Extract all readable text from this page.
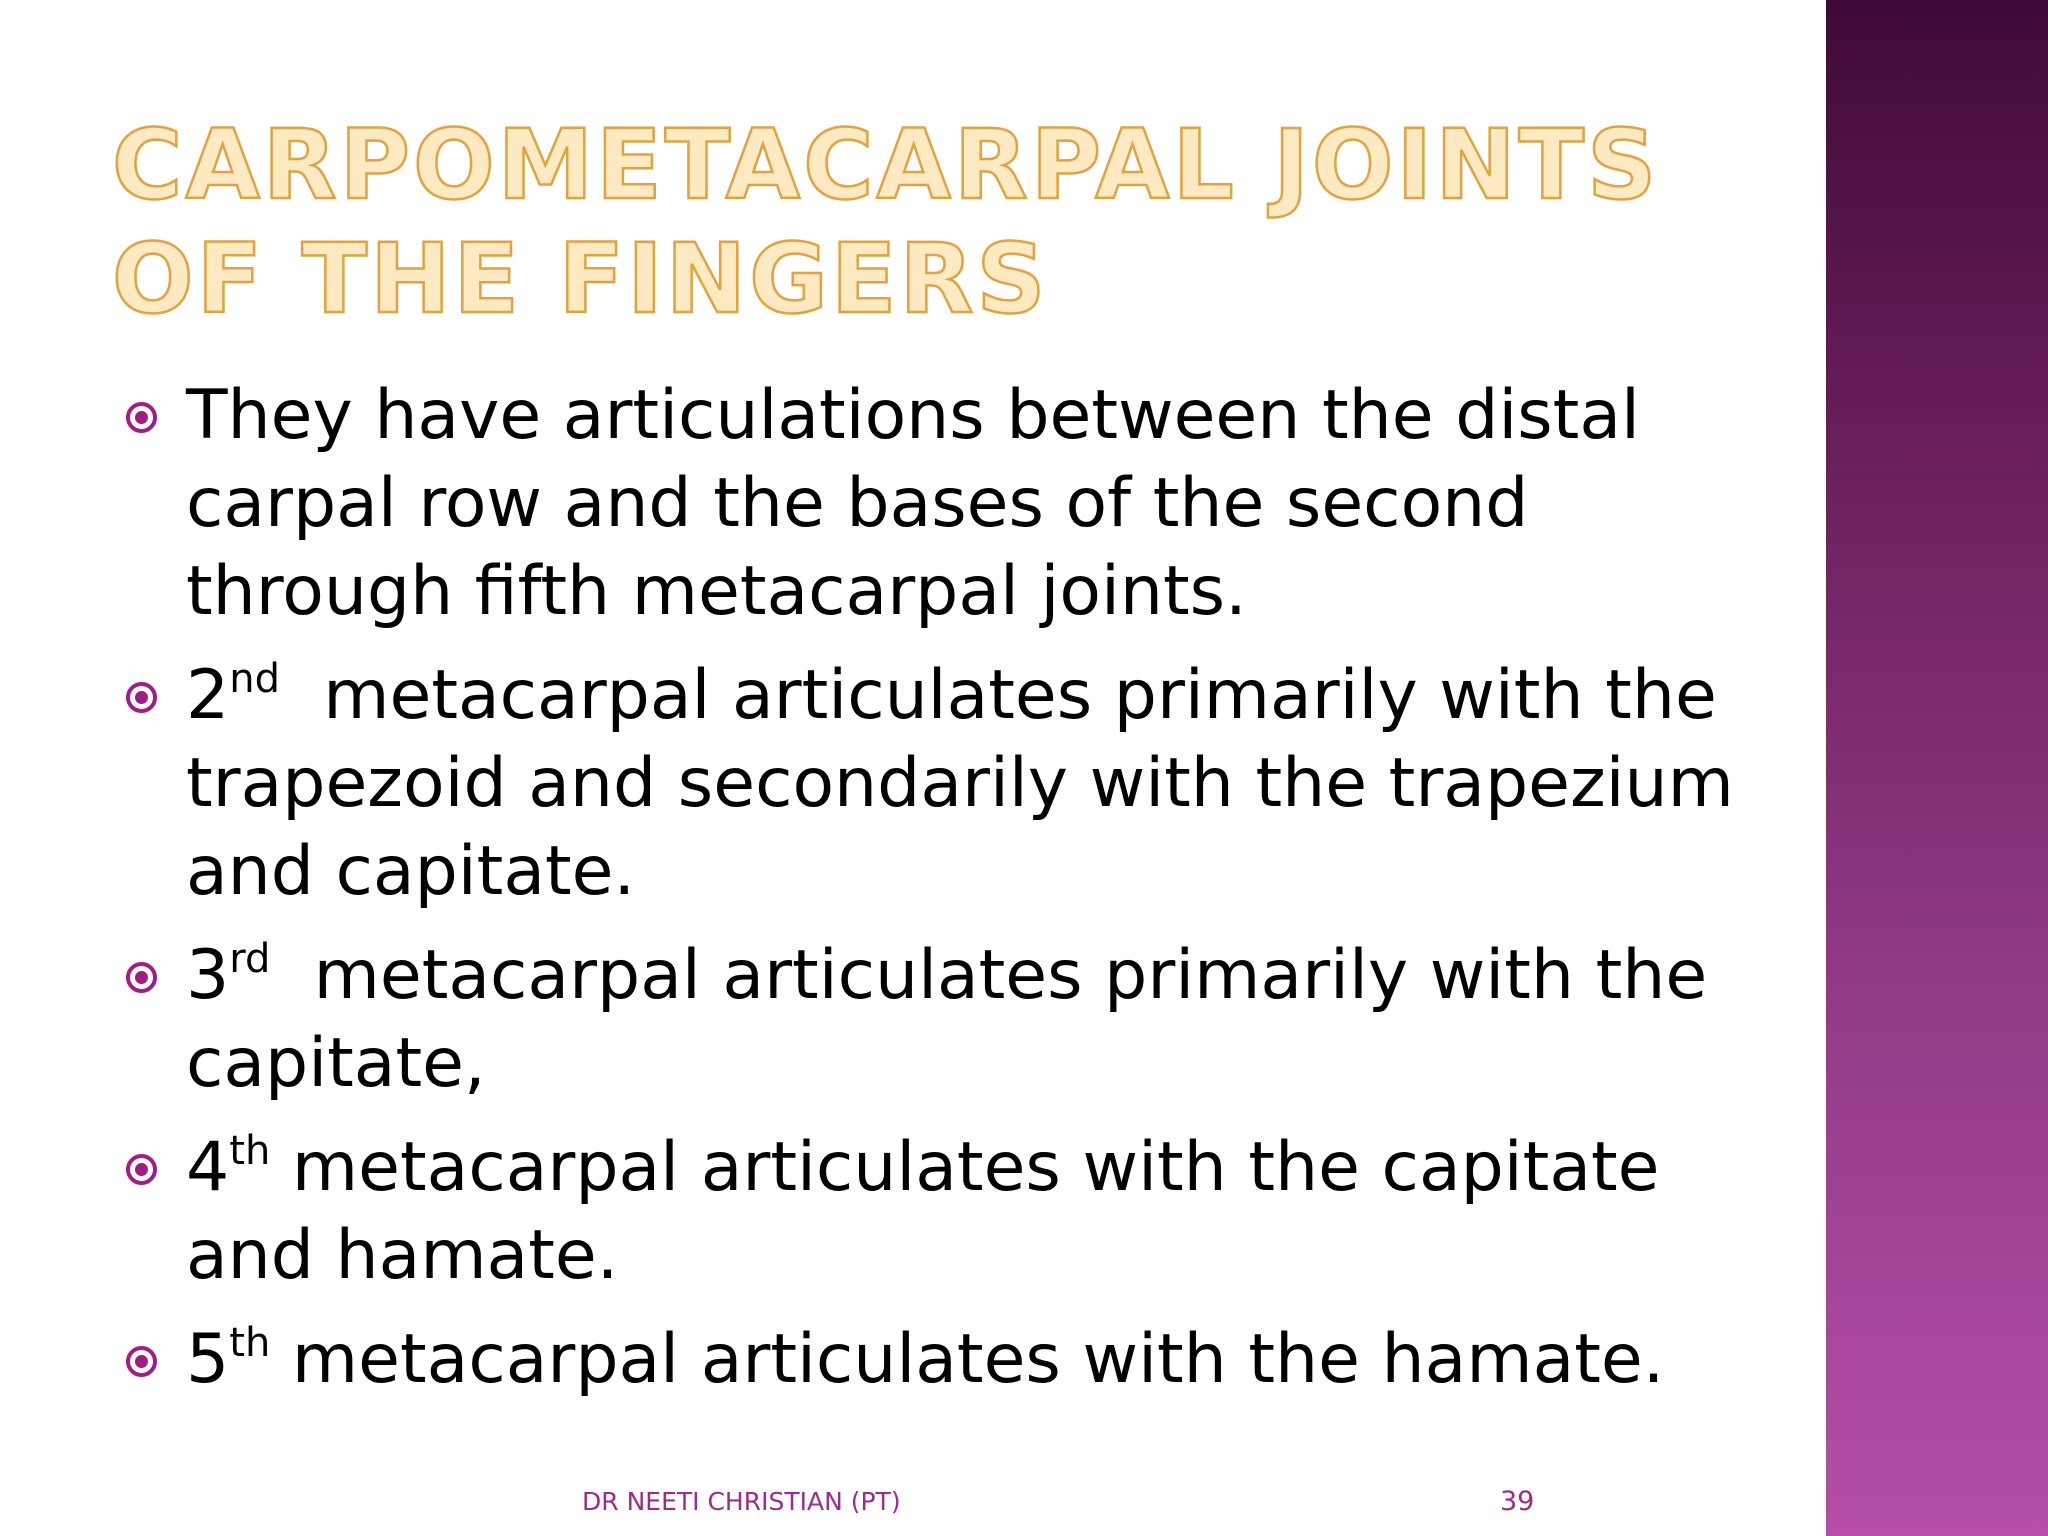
CARPOMETACARPAL JOINTS OF THE FINGERS
They have articulations between the distal carpal row and the bases of the second through fifth metacarpal joints.
2nd  metacarpal articulates primarily with the trapezoid and secondarily with the trapezium and capitate.
3rd  metacarpal articulates primarily with the capitate,
4th metacarpal articulates with the capitate and hamate.
5th metacarpal articulates with the hamate.
DR NEETI CHRISTIAN (PT)	39
